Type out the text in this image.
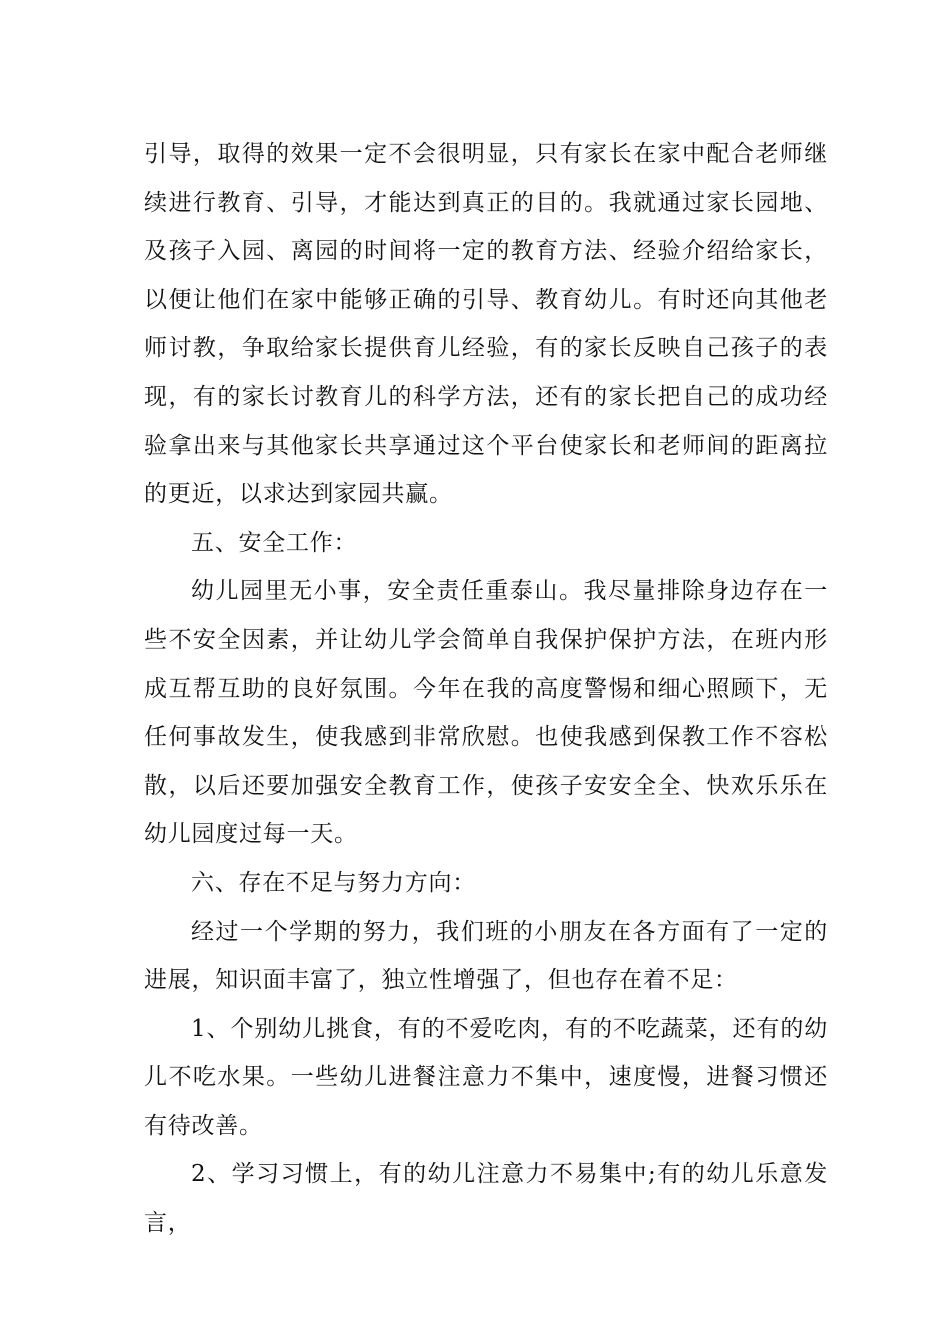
引导，取得的效果一定不会很明显，只有家长在家中配合老师继续进行教育、引导，才能达到真正的目的。我就通过家长园地、及孩子入园、离园的时间将一定的教育方法、经验介绍给家长，以便让他们在家中能够正确的引导、教育幼儿。有时还向其他老师讨教，争取给家长提供育儿经验，有的家长反映自己孩子的表现，有的家长讨教育儿的科学方法，还有的家长把自己的成功经验拿出来与其他家长共享通过这个平台使家长和老师间的距离拉的更近，以求达到家园共赢。

五、安全工作：

幼儿园里无小事，安全责任重泰山。我尽量排除身边存在一些不安全因素，并让幼儿学会简单自我保护保护方法，在班内形成互帮互助的良好氛围。今年在我的高度警惕和细心照顾下，无任何事故发生，使我感到非常欣慰。也使我感到保教工作不容松散，以后还要加强安全教育工作，使孩子安安全全、快欢乐乐在幼儿园度过每一天。

六、存在不足与努力方向：

经过一个学期的努力，我们班的小朋友在各方面有了一定的进展，知识面丰富了，独立性增强了，但也存在着不足：

1、个别幼儿挑食，有的不爱吃肉，有的不吃蔬菜，还有的幼儿不吃水果。一些幼儿进餐注意力不集中，速度慢，进餐习惯还有待改善。

2、学习习惯上，有的幼儿注意力不易集中;有的幼儿乐意发言，
